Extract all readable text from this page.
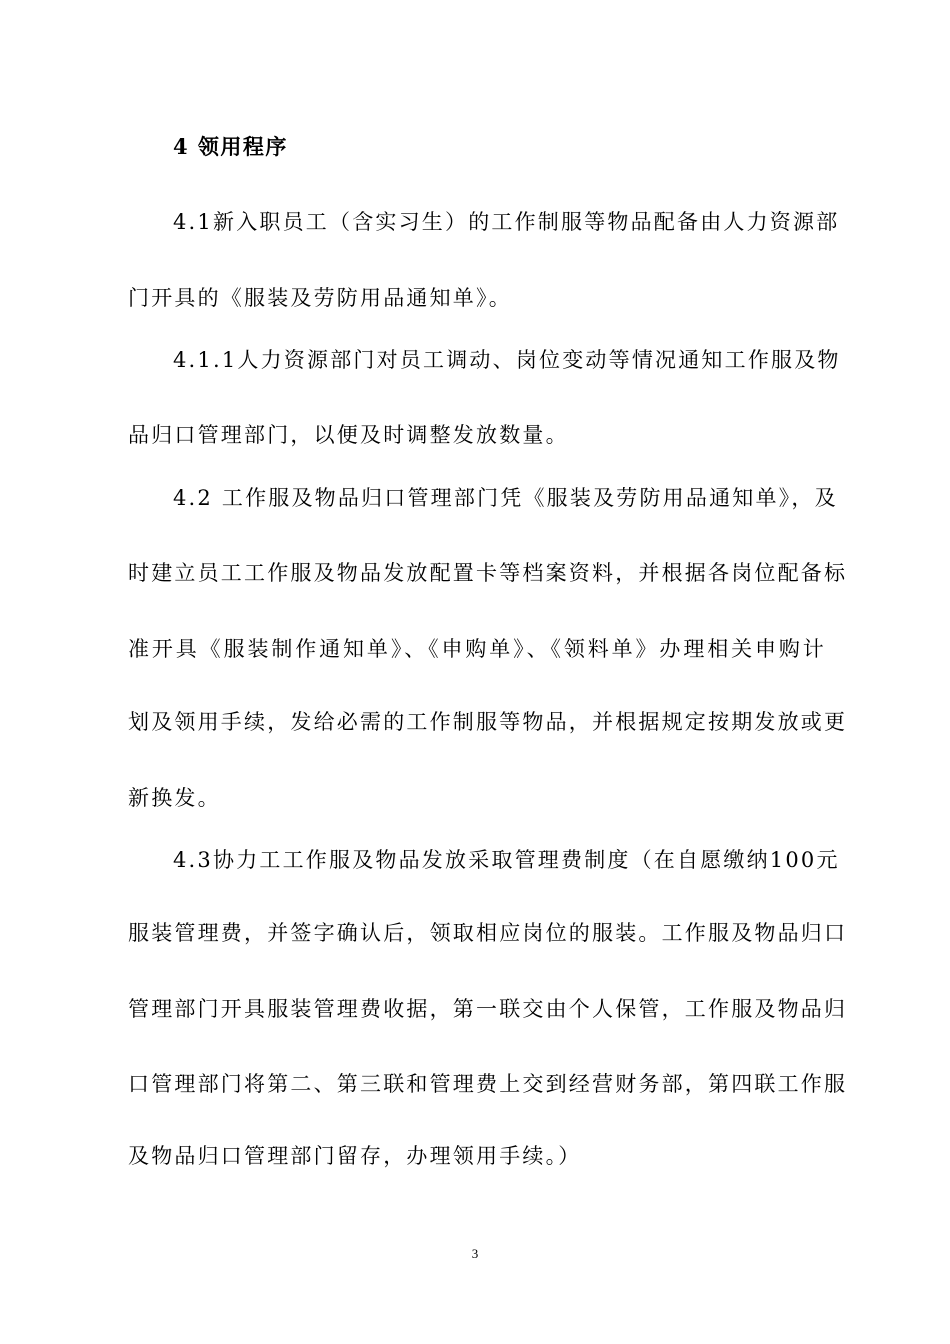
4 领用程序
4.1新入职员工（含实习生）的工作制服等物品配备由人力资源部
门开具的《服装及劳防用品通知单》。
4.1.1人力资源部门对员工调动、岗位变动等情况通知工作服及物
品归口管理部门，以便及时调整发放数量。
4.2 工作服及物品归口管理部门凭《服装及劳防用品通知单》，及
时建立员工工作服及物品发放配置卡等档案资料，并根据各岗位配备标
准开具《服装制作通知单》、《申购单》、《领料单》办理相关申购计
划及领用手续，发给必需的工作制服等物品，并根据规定按期发放或更
新换发。
4.3协力工工作服及物品发放采取管理费制度（在自愿缴纳100元
服装管理费，并签字确认后，领取相应岗位的服装。工作服及物品归口
管理部门开具服装管理费收据，第一联交由个人保管，工作服及物品归
口管理部门将第二、第三联和管理费上交到经营财务部，第四联工作服
及物品归口管理部门留存，办理领用手续。）
3
